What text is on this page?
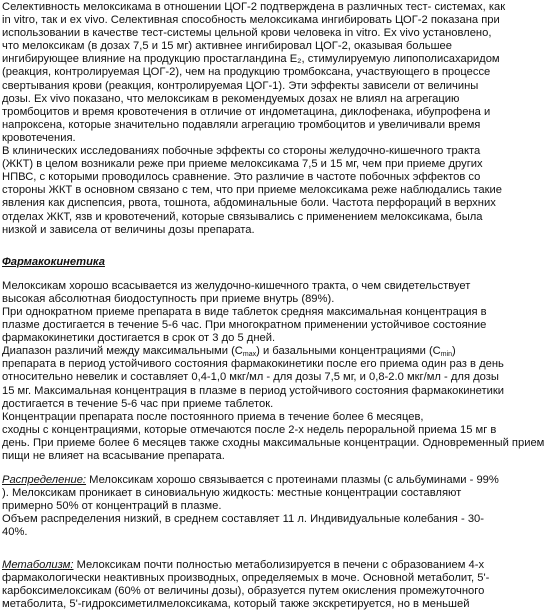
Селективность мелоксикама в отношении ЦОГ-2 подтверждена в различных тест- системах, как
in vitro, так и ex vivo. Селективная способность мелоксикама ингибировать ЦОГ-2 показана при
использовании в качестве тест-системы цельной крови человека in vitro. Ex vivo установлено,
что мелоксикам (в дозах 7,5 и 15 мг) активнее ингибировал ЦОГ-2, оказывая большее
ингибирующее влияние на продукцию простагландина E₂, стимулируемую липополисахаридом
(реакция, контролируемая ЦОГ-2), чем на продукцию тромбоксана, участвующего в процессе
свертывания крови (реакция, контролируемая ЦОГ-1). Эти эффекты зависели от величины
дозы. Ex vivo показано, что мелоксикам в рекомендуемых дозах не влиял на агрегацию
тромбоцитов и время кровотечения в отличие от индометацина, диклофенака, ибупрофена и
напроксена, которые значительно подавляли агрегацию тромбоцитов и увеличивали время
кровотечения.
В клинических исследованиях побочные эффекты со стороны желудочно-кишечного тракта
(ЖКТ) в целом возникали реже при приеме мелоксикама 7,5 и 15 мг, чем при приеме других
НПВС, с которыми проводилось сравнение. Это различие в частоте побочных эффектов со
стороны ЖКТ в основном связано с тем, что при приеме мелоксикама реже наблюдались такие
явления как диспепсия, рвота, тошнота, абдоминальные боли. Частота перфораций в верхних
отделах ЖКТ, язв и кровотечений, которые связывались с применением мелоксикама, была
низкой и зависела от величины дозы препарата.
Фармакокинетика
Мелоксикам хорошо всасывается из желудочно-кишечного тракта, о чем свидетельствует
высокая абсолютная биодоступность при приеме внутрь (89%).
При однократном приеме препарата в виде таблеток средняя максимальная концентрация в
плазме достигается в течение 5-6 час. При многократном применении устойчивое состояние
фармакокинетики достигается в срок от 3 до 5 дней.
Диапазон различий между максимальными $(C_{max})$ и базальными концентрациями $(C_{min})$
препарата в период устойчивого состояния фармакокинетики после его приема один раз в день
относительно невелик и составляет 0,4-1,0 мкг/мл - для дозы 7,5 мг, и 0,8-2.0 мкг/мл - для дозы
15 мг. Максимальная концентрация в плазме в период устойчивого состояния фармакокинетики
достигается в течение 5-6 час при приеме таблеток.
Концентрации препарата после постоянного приема в течение более 6 месяцев,
сходны с концентрациями, которые отмечаются после 2-х недель пероральной приема 15 мг в
день. При приеме более 6 месяцев также сходны максимальные концентрации. Одновременный прием
пищи не влияет на всасывание препарата.
Распределение: Мелоксикам хорошо связывается с протеинами плазмы (с альбуминами - 99%
). Мелоксикам проникает в синовиальную жидкость: местные концентрации составляют
примерно 50% от концентраций в плазме.
Объем распределения низкий, в среднем составляет 11 л. Индивидуальные колебания - 30-
40%.
Метаболизм: Мелоксикам почти полностью метаболизируется в печени с образованием 4-х
фармакологически неактивных производных, определяемых в моче. Основной метаболит, 5'-
карбоксимелоксикам (60% от величины дозы), образуется путем окисления промежуточного
метаболита, 5'-гидроксиметилмелоксикама, который также экскретируется, но в меньшей
